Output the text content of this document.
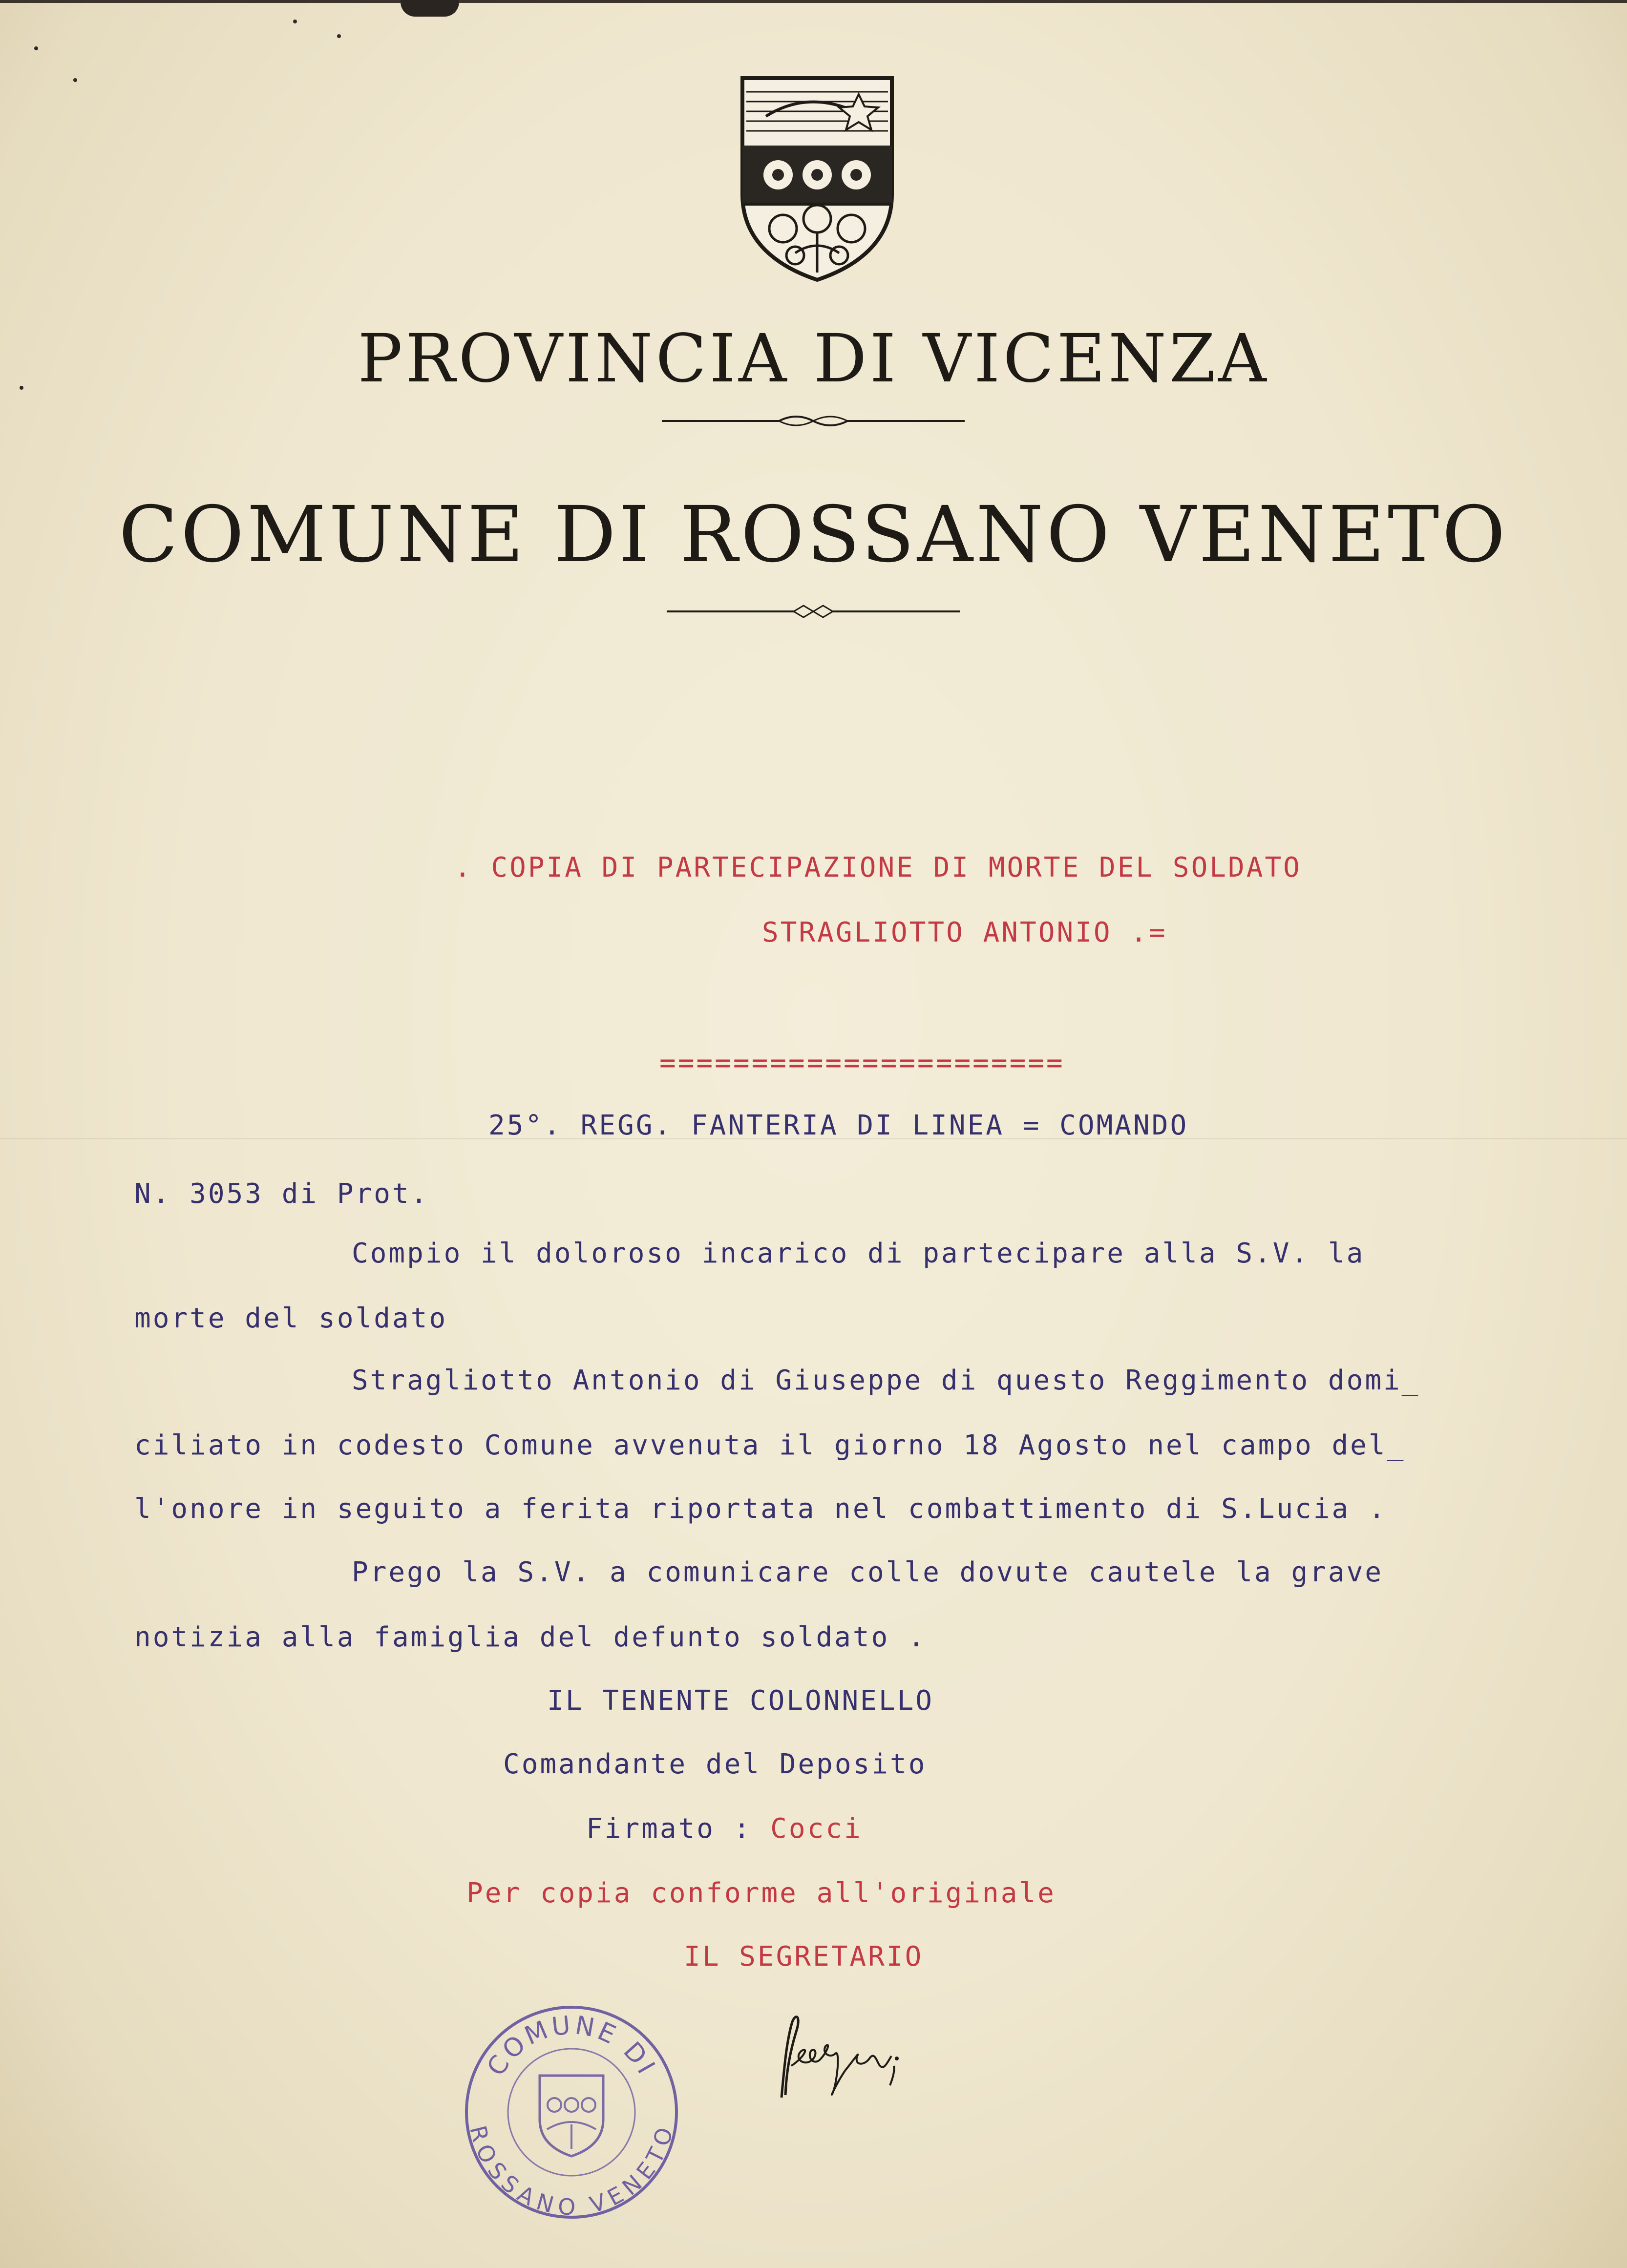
PROVINCIA DI VICENZA
COMUNE DI ROSSANO VENETO
. COPIA DI PARTECIPAZIONE DI MORTE DEL SOLDATO
STRAGLIOTTO ANTONIO .=
======================
25°. REGG. FANTERIA DI LINEA = COMANDO
N. 3053 di Prot.
Compio il doloroso incarico di partecipare alla S.V. la
morte del soldato
Stragliotto Antonio di Giuseppe di questo Reggimento domi_
ciliato in codesto Comune avvenuta il giorno 18 Agosto nel campo del_
l'onore in seguito a ferita riportata nel combattimento di S.Lucia .
Prego la S.V. a comunicare colle dovute cautele la grave
notizia alla famiglia del defunto soldato .
IL TENENTE COLONNELLO
Comandante del Deposito
Firmato : Cocci
Per copia conforme all'originale
IL SEGRETARIO
COMUNE DI
ROSSANO VENETO
